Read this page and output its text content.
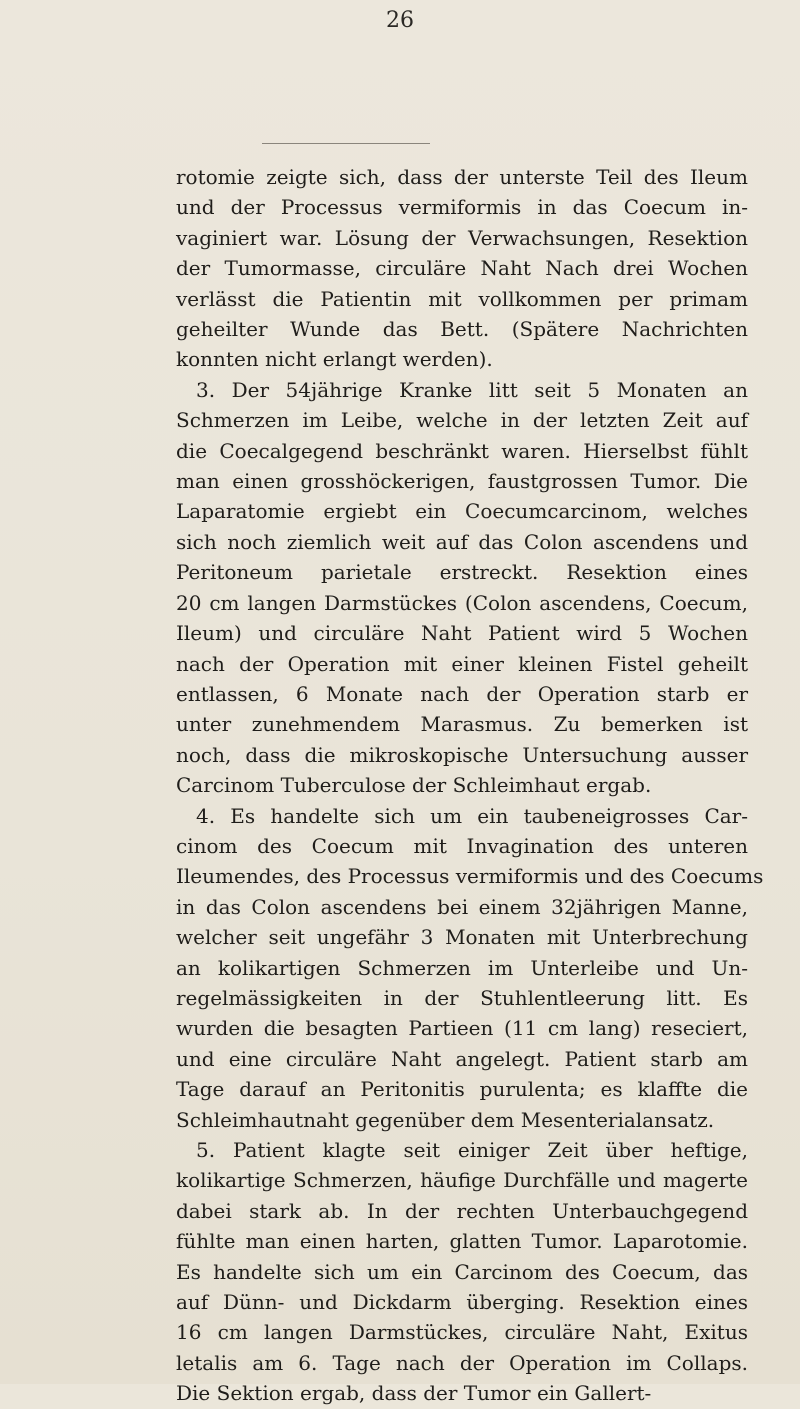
26
rotomie zeigte sich, dass der unterste Teil des Ileum
und der Processus vermiformis in das Coecum in-
vaginiert war. Lösung der Verwachsungen, Resektion
der Tumormasse, circuläre Naht Nach drei Wochen
verlässt die Patientin mit vollkommen per primam
geheilter Wunde das Bett. (Spätere Nachrichten
konnten nicht erlangt werden).
3. Der 54jährige Kranke litt seit 5 Monaten an
Schmerzen im Leibe, welche in der letzten Zeit auf
die Coecalgegend beschränkt waren. Hierselbst fühlt
man einen grosshöckerigen, faustgrossen Tumor. Die
Laparatomie ergiebt ein Coecumcarcinom, welches
sich noch ziemlich weit auf das Colon ascendens und
Peritoneum parietale erstreckt. Resektion eines
20 cm langen Darmstückes (Colon ascendens, Coecum,
Ileum) und circuläre Naht Patient wird 5 Wochen
nach der Operation mit einer kleinen Fistel geheilt
entlassen, 6 Monate nach der Operation starb er
unter zunehmendem Marasmus. Zu bemerken ist
noch, dass die mikroskopische Untersuchung ausser
Carcinom Tuberculose der Schleimhaut ergab.
4. Es handelte sich um ein taubeneigrosses Car-
cinom des Coecum mit Invagination des unteren
Ileumendes, des Processus vermiformis und des Coecums
in das Colon ascendens bei einem 32jährigen Manne,
welcher seit ungefähr 3 Monaten mit Unterbrechung
an kolikartigen Schmerzen im Unterleibe und Un-
regelmässigkeiten in der Stuhlentleerung litt. Es
wurden die besagten Partieen (11 cm lang) reseciert,
und eine circuläre Naht angelegt. Patient starb am
Tage darauf an Peritonitis purulenta; es klaffte die
Schleimhautnaht gegenüber dem Mesenterialansatz.
5. Patient klagte seit einiger Zeit über heftige,
kolikartige Schmerzen, häufige Durchfälle und magerte
dabei stark ab. In der rechten Unterbauchgegend
fühlte man einen harten, glatten Tumor. Laparotomie.
Es handelte sich um ein Carcinom des Coecum, das
auf Dünn- und Dickdarm überging. Resektion eines
16 cm langen Darmstückes, circuläre Naht, Exitus
letalis am 6. Tage nach der Operation im Collaps.
Die Sektion ergab, dass der Tumor ein Gallert-
